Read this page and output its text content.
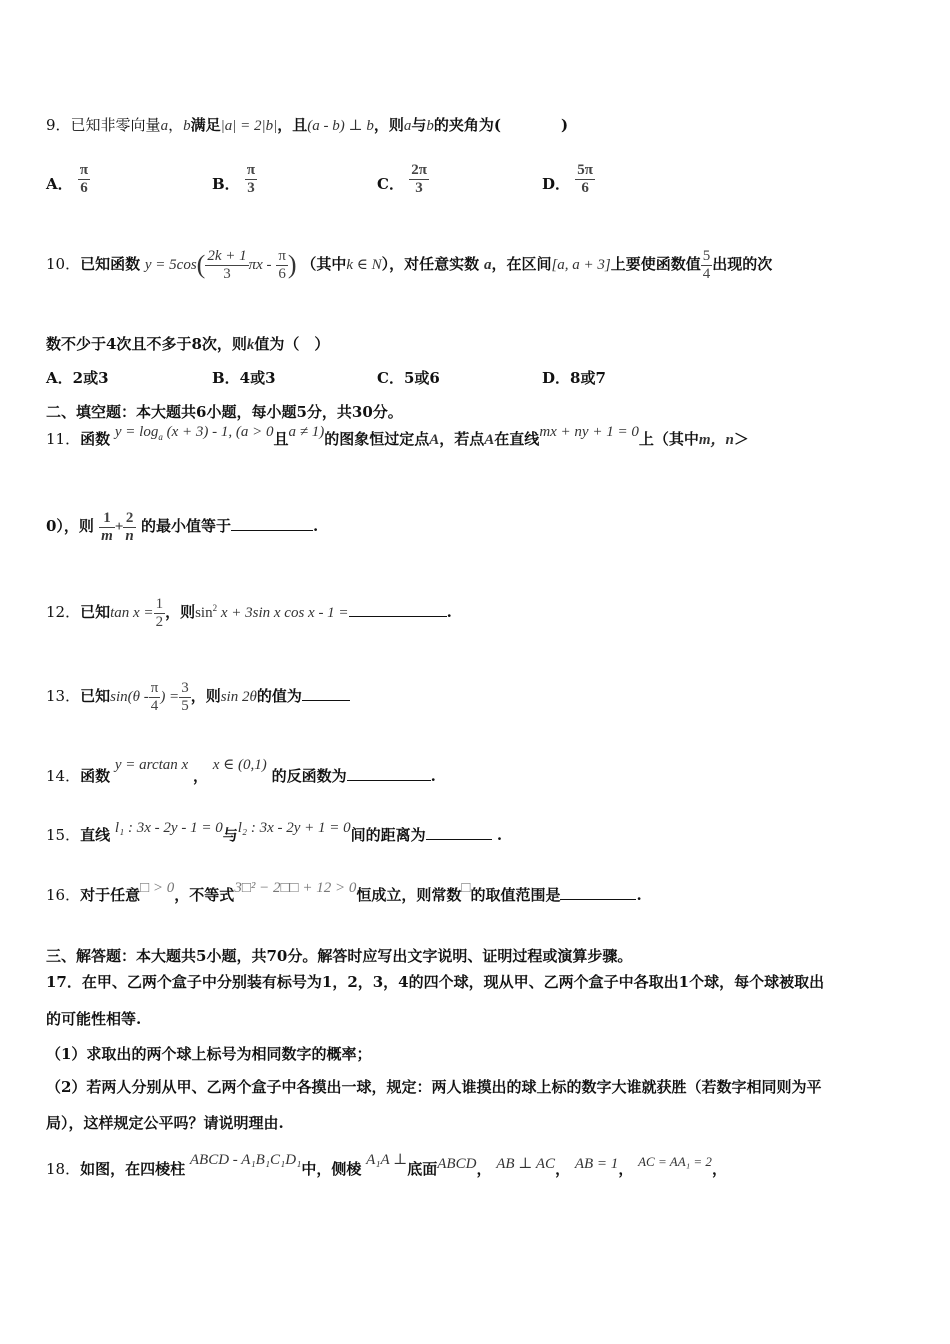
9．已知非零向量a，b满足|a| = 2|b|，且(a - b) ⊥ b，则a与b的夹角为(　　　　)
A． $\frac{\pi}{6}$	B． $\frac{\pi}{3}$	C． $\frac{2\pi}{3}$	D． $\frac{5\pi}{6}$
10．已知函数 $y = 5\cos( \frac{2k + 1}{3}$ πx - $\frac{\pi}{6}$ ) （其中k ∈ N），对任意实数 a，在区间[a, a + 3]上要使函数值 $\frac{5}{4}$ 出现的次
数不少于4次且不多于8次，则k值为（　）
A．2或3	B．4或3	C．5或6	D．8或7
二、填空题：本大题共6小题，每小题5分，共30分。
11．函数 $y = \log_a (x + 3) - 1$, (a > 0且a ≠ 1)的图象恒过定点A，若点A在直线mx + ny + 1 = 0上（其中m，n＞
0），则 $\frac{1}{m} + \frac{2}{n}$ 的最小值等于	.
12．已知$\tan x = \frac{1}{2}$ ，则$\sin^2 x + 3\sin$ x cos x - 1 =	.
13．已知$\sin(\theta - \frac{\pi}{4}$ ) = $\frac{3}{5}$ ，则sin 2θ的值为
14．函数 y = arctan x ， x ∈ (0,1) 的反函数为	.
15．直线 l₁ : 3x - 2y - 1 = 0与l₂ : 3x - 2y + 1 = 0间的距离为	.
16．对于任意□ > 0，不等式3□² − 2□□ + 12 > 0恒成立，则常数□的取值范围是	.
三、解答题：本大题共5小题，共70分。解答时应写出文字说明、证明过程或演算步骤。
17．在甲、乙两个盒子中分别装有标号为1，2，3，4的四个球，现从甲、乙两个盒子中各取出1个球，每个球被取出
的可能性相等.
（1）求取出的两个球上标号为相同数字的概率；
（2）若两人分别从甲、乙两个盒子中各摸出一球，规定：两人谁摸出的球上标的数字大谁就获胜（若数字相同则为平
局），这样规定公平吗？请说明理由.
18．如图，在四棱柱 ABCD - A₁B₁C₁D₁中，侧棱 A₁A ⊥底面ABCD， AB ⊥ AC， AB = 1， AC = AA₁ = 2，
